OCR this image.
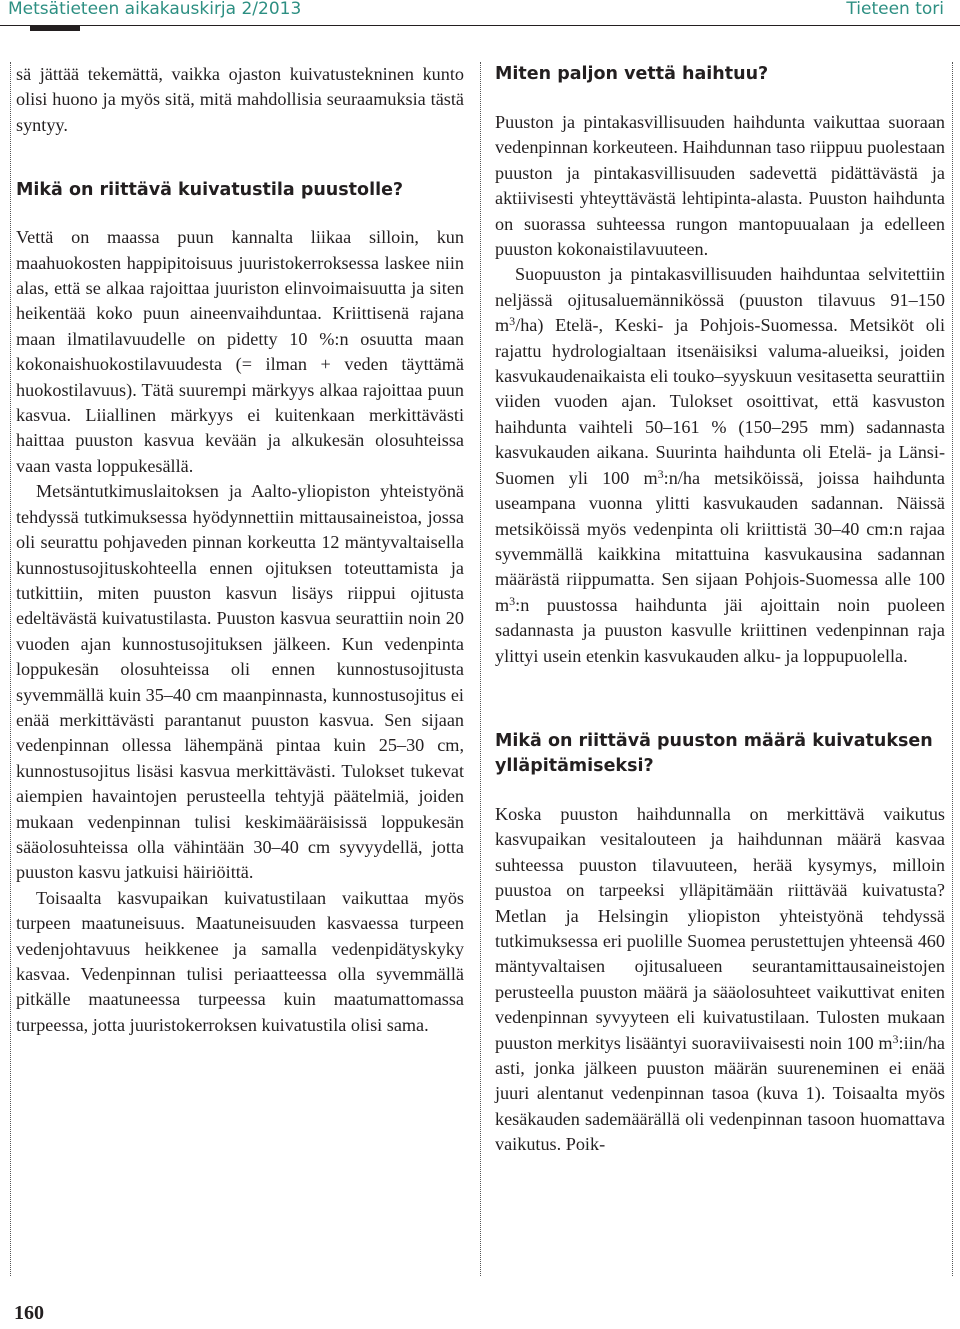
Metsätieteen aikakauskirja 2/2013	Tieteen tori

sä jättää tekemättä, vaikka ojaston kuivatustekninen kunto olisi huono ja myös sitä, mitä mahdollisia seuraamuksia tästä syntyy.

Mikä on riittävä kuivatustila puustolle?

Vettä on maassa puun kannalta liikaa silloin, kun maahuokosten happipitoisuus juuristokerroksessa laskee niin alas, että se alkaa rajoittaa juuriston elinvoimaisuutta ja siten heikentää koko puun aineenvaihduntaa. Kriittisenä rajana maan ilmatilavuudelle on pidetty 10 %:n osuutta maan kokonaishuokostilavuudesta (= ilman + veden täyttämä huokostilavuus). Tätä suurempi märkyys alkaa rajoittaa puun kasvua. Liiallinen märkyys ei kuitenkaan merkittävästi haittaa puuston kasvua kevään ja alkukesän olosuhteissa vaan vasta loppukesällä.

Metsäntutkimuslaitoksen ja Aalto-yliopiston yhteistyönä tehdyssä tutkimuksessa hyödynnettiin mittausaineistoa, jossa oli seurattu pohjaveden pinnan korkeutta 12 mäntyvaltaisella kunnostusojituskohteella ennen ojituksen toteuttamista ja tutkittiin, miten puuston kasvun lisäys riippui ojitusta edeltävästä kuivatustilasta. Puuston kasvua seurattiin noin 20 vuoden ajan kunnostusojituksen jälkeen. Kun vedenpinta loppukesän olosuhteissa oli ennen kunnostusojitusta syvemmällä kuin 35–40 cm maanpinnasta, kunnostusojitus ei enää merkittävästi parantanut puuston kasvua. Sen sijaan vedenpinnan ollessa lähempänä pintaa kuin 25–30 cm, kunnostusojitus lisäsi kasvua merkittävästi. Tulokset tukevat aiempien havaintojen perusteella tehtyjä päätelmiä, joiden mukaan vedenpinnan tulisi keskimääräisissä loppukesän sääolosuhteissa olla vähintään 30–40 cm syvyydellä, jotta puuston kasvu jatkuisi häiriöittä.

Toisaalta kasvupaikan kuivatustilaan vaikuttaa myös turpeen maatuneisuus. Maatuneisuuden kasvaessa turpeen vedenjohtavuus heikkenee ja samalla vedenpidätyskyky kasvaa. Vedenpinnan tulisi periaatteessa olla syvemmällä pitkälle maatuneessa turpeessa kuin maatumattomassa turpeessa, jotta juuristokerroksen kuivatustila olisi sama.

Miten paljon vettä haihtuu?

Puuston ja pintakasvillisuuden haihdunta vaikuttaa suoraan vedenpinnan korkeuteen. Haihdunnan taso riippuu puolestaan puuston ja pintakasvillisuuden sadevettä pidättävästä ja aktiivisesti yhteyttävästä lehtipinta-alasta. Puuston haihdunta on suorassa suhteessa rungon mantopuualaan ja edelleen puuston kokonaistilavuuteen.

Suopuuston ja pintakasvillisuuden haihduntaa selvitettiin neljässä ojitusaluemännikössä (puuston tilavuus 91–150 $m^3/ha$) Etelä-, Keski- ja Pohjois-Suomessa. Metsiköt oli rajattu hydrologialtaan itsenäisiksi valuma-alueiksi, joiden kasvukaudenaikaista eli touko–syyskuun vesitasetta seurattiin viiden vuoden ajan. Tulokset osoittivat, että kasvuston haihdunta vaihteli 50–161 % (150–295 mm) sadannasta kasvukauden aikana. Suurinta haihdunta oli Etelä- ja Länsi-Suomen yli 100 $m^3:n/ha$ metsiköissä, joissa haihdunta useampana vuonna ylitti kasvukauden sadannan. Näissä metsiköissä myös vedenpinta oli kriittistä 30–40 cm:n rajaa syvemmällä kaikkina mitattuina kasvukausina sadannan määrästä riippumatta. Sen sijaan Pohjois-Suomessa alle 100 $m^3:n$ puustossa haihdunta jäi ajoittain noin puoleen sadannasta ja puuston kasvulle kriittinen vedenpinnan raja ylittyi usein etenkin kasvukauden alku- ja loppupuolella.

Mikä on riittävä puuston määrä kuivatuksen ylläpitämiseksi?

Koska puuston haihdunnalla on merkittävä vaikutus kasvupaikan vesitalouteen ja haihdunnan määrä kasvaa suhteessa puuston tilavuuteen, herää kysymys, milloin puustoa on tarpeeksi ylläpitämään riittävää kuivatusta? Metlan ja Helsingin yliopiston yhteistyönä tehdyssä tutkimuksessa eri puolille Suomea perustettujen yhteensä 460 mäntyvaltaisen ojitusalueen seurantamittausaineistojen perusteella puuston määrä ja sääolosuhteet vaikuttivat eniten vedenpinnan syvyyteen eli kuivatustilaan. Tulosten mukaan puuston merkitys lisääntyi suoraviivaisesti noin 100 $m^3:iin/ha$ asti, jonka jälkeen puuston määrän suureneminen ei enää juuri alentanut vedenpinnan tasoa (kuva 1). Toisaalta myös kesäkauden sademäärällä oli vedenpinnan tasoon huomattava vaikutus. Poik-

160
